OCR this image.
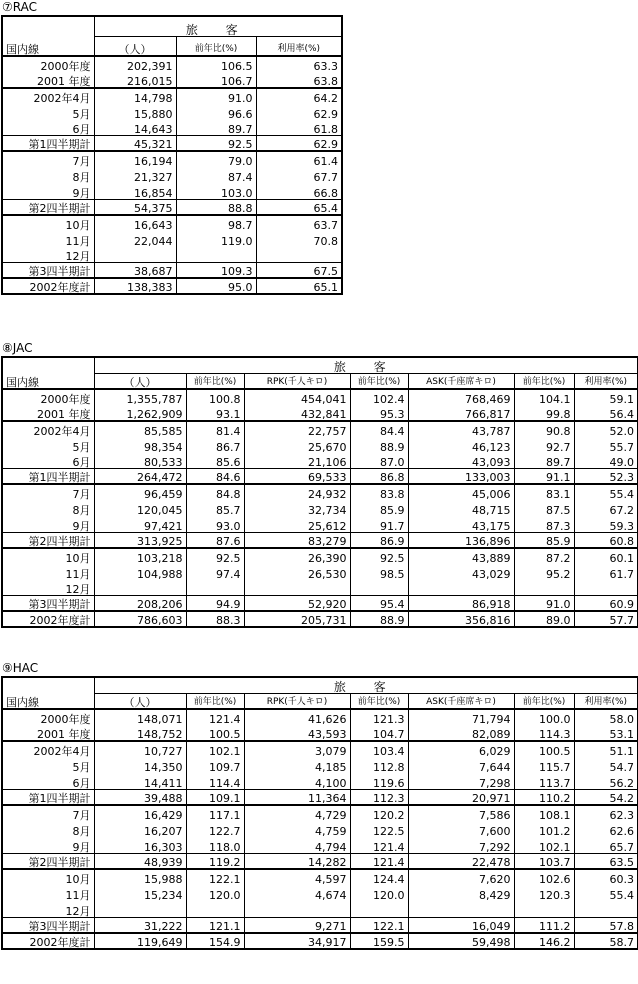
⑦RAC
国内線	旅 客		
	（人）	前年比(%)	利用率(%)
2000年度	202,391	106.5	63.3
2001 年度	216,015	106.7	63.8
2002年4月	14,798	91.0	64.2
5月	15,880	96.6	62.9
6月	14,643	89.7	61.8
第1四半期計	45,321	92.5	62.9
7月	16,194	79.0	61.4
8月	21,327	87.4	67.7
9月	16,854	103.0	66.8
第2四半期計	54,375	88.8	65.4
10月	16,643	98.7	63.7
11月	22,044	119.0	70.8
12月			
第3四半期計	38,687	109.3	67.5
2002年度計	138,383	95.0	65.1
⑧JAC
国内線	旅 客						
	（人）	前年比(%)	RPK(千人キロ)	前年比(%)	ASK(千座席キロ)	前年比(%)	利用率(%)
2000年度	1,355,787	100.8	454,041	102.4	768,469	104.1	59.1
2001 年度	1,262,909	93.1	432,841	95.3	766,817	99.8	56.4
2002年4月	85,585	81.4	22,757	84.4	43,787	90.8	52.0
5月	98,354	86.7	25,670	88.9	46,123	92.7	55.7
6月	80,533	85.6	21,106	87.0	43,093	89.7	49.0
第1四半期計	264,472	84.6	69,533	86.8	133,003	91.1	52.3
7月	96,459	84.8	24,932	83.8	45,006	83.1	55.4
8月	120,045	85.7	32,734	85.9	48,715	87.5	67.2
9月	97,421	93.0	25,612	91.7	43,175	87.3	59.3
第2四半期計	313,925	87.6	83,279	86.9	136,896	85.9	60.8
10月	103,218	92.5	26,390	92.5	43,889	87.2	60.1
11月	104,988	97.4	26,530	98.5	43,029	95.2	61.7
12月							
第3四半期計	208,206	94.9	52,920	95.4	86,918	91.0	60.9
2002年度計	786,603	88.3	205,731	88.9	356,816	89.0	57.7
⑨HAC
国内線	旅 客						
	（人）	前年比(%)	RPK(千人キロ)	前年比(%)	ASK(千座席キロ)	前年比(%)	利用率(%)
2000年度	148,071	121.4	41,626	121.3	71,794	100.0	58.0
2001 年度	148,752	100.5	43,593	104.7	82,089	114.3	53.1
2002年4月	10,727	102.1	3,079	103.4	6,029	100.5	51.1
5月	14,350	109.7	4,185	112.8	7,644	115.7	54.7
6月	14,411	114.4	4,100	119.6	7,298	113.7	56.2
第1四半期計	39,488	109.1	11,364	112.3	20,971	110.2	54.2
7月	16,429	117.1	4,729	120.2	7,586	108.1	62.3
8月	16,207	122.7	4,759	122.5	7,600	101.2	62.6
9月	16,303	118.0	4,794	121.4	7,292	102.1	65.7
第2四半期計	48,939	119.2	14,282	121.4	22,478	103.7	63.5
10月	15,988	122.1	4,597	124.4	7,620	102.6	60.3
11月	15,234	120.0	4,674	120.0	8,429	120.3	55.4
12月							
第3四半期計	31,222	121.1	9,271	122.1	16,049	111.2	57.8
2002年度計	119,649	154.9	34,917	159.5	59,498	146.2	58.7
